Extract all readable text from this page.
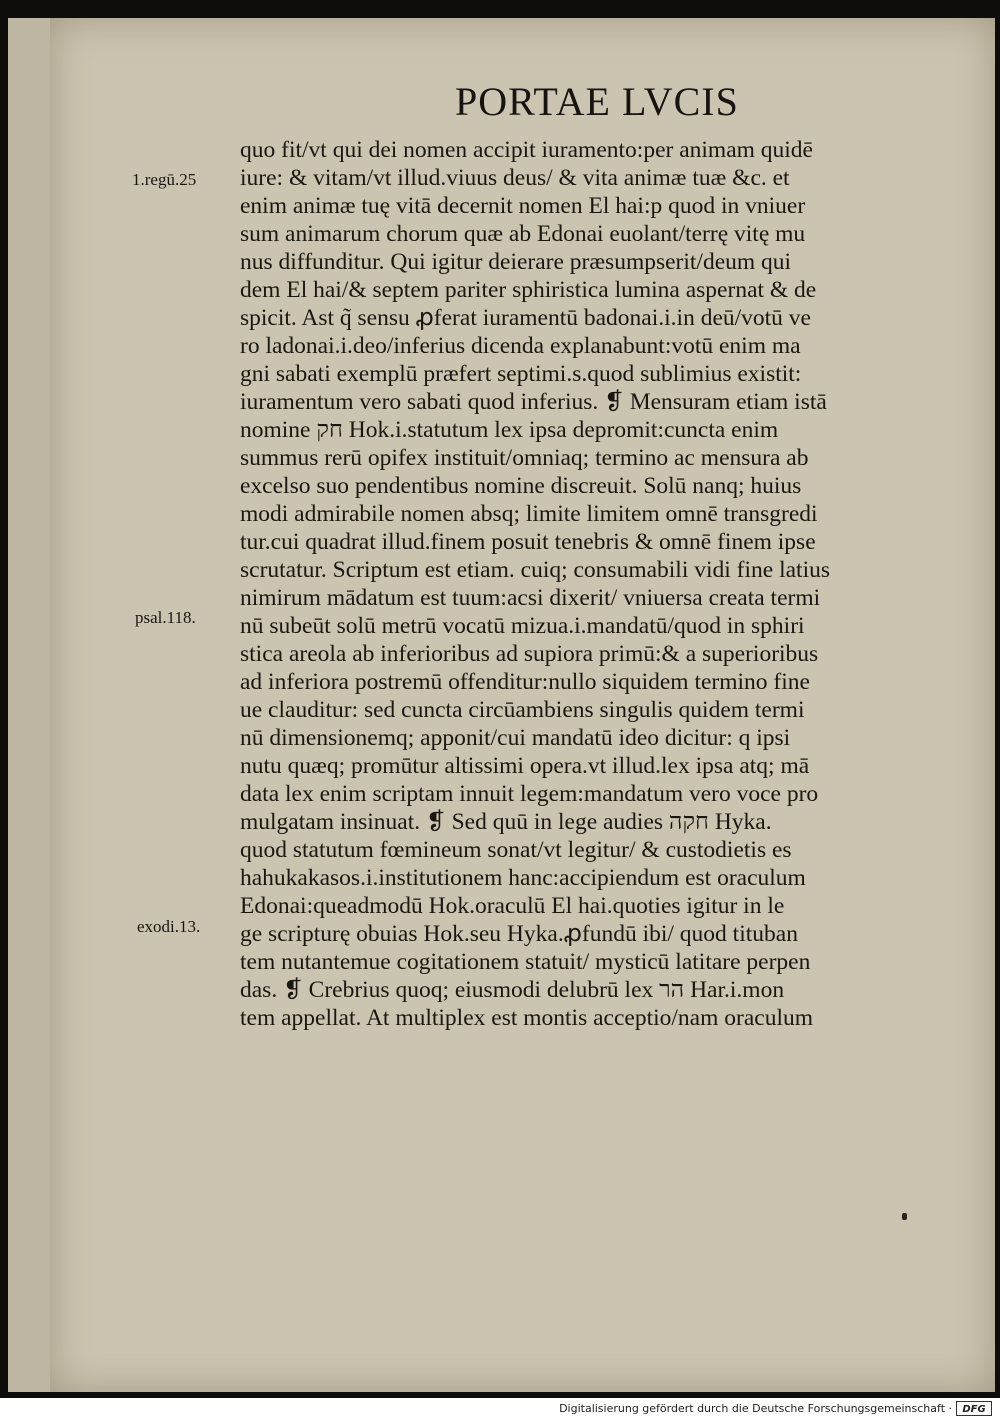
PORTAE LVCIS
1.regū.25
psal.118.
exodi.13.
quo fit/vt qui dei nomen accipit iuramento:per animam quidē
iure: & vitam/vt illud.viuus deus/ & vita animæ tuæ &c. et
enim animæ tuę vitā decernit nomen El hai:p quod in vniuer
sum animarum chorum quæ ab Edonai euolant/terrę vitę mu
nus diffunditur. Qui igitur deierare præsumpserit/deum qui
dem El hai/& septem pariter sphiristica lumina aspernat & de
spicit. Ast q̃ sensu ꝓferat iuramentū badonai.i.in deū/votū ve
ro ladonai.i.deo/inferius dicenda explanabunt:votū enim ma
gni sabati exemplū præfert septimi.s.quod sublimius existit:
iuramentum vero sabati quod inferius. ❡ Mensuram etiam istā
nomine חק Hok.i.statutum lex ipsa depromit:cuncta enim
summus rerū opifex instituit/omniaq; termino ac mensura ab
excelso suo pendentibus nomine discreuit. Solū nanq; huius
modi admirabile nomen absq; limite limitem omnē transgredi
tur.cui quadrat illud.finem posuit tenebris & omnē finem ipse
scrutatur. Scriptum est etiam. cuiq; consumabili vidi fine latius
nimirum mādatum est tuum:acsi dixerit/ vniuersa creata termi
nū subeūt solū metrū vocatū mizua.i.mandatū/quod in sphiri
stica areola ab inferioribus ad supiora primū:& a superioribus
ad inferiora postremū offenditur:nullo siquidem termino fine
ue clauditur: sed cuncta circūambiens singulis quidem termi
nū dimensionemq; apponit/cui mandatū ideo dicitur: q ipsi
nutu quæq; promūtur altissimi opera.vt illud.lex ipsa atq; mā
data lex enim scriptam innuit legem:mandatum vero voce pro
mulgatam insinuat. ❡ Sed quū in lege audies חקה Hyka.
quod statutum fœmineum sonat/vt legitur/ & custodietis es
hahukakasos.i.institutionem hanc:accipiendum est oraculum
Edonai:queadmodū Hok.oraculū El hai.quoties igitur in le
ge scripturę obuias Hok.seu Hyka.ꝓfundū ibi/ quod tituban
tem nutantemue cogitationem statuit/ mysticū latitare perpen
das. ❡ Crebrius quoq; eiusmodi delubrū lex הר Har.i.mon
tem appellat. At multiplex est montis acceptio/nam oraculum
Digitalisierung gefördert durch die Deutsche Forschungsgemeinschaft ·	DFG
